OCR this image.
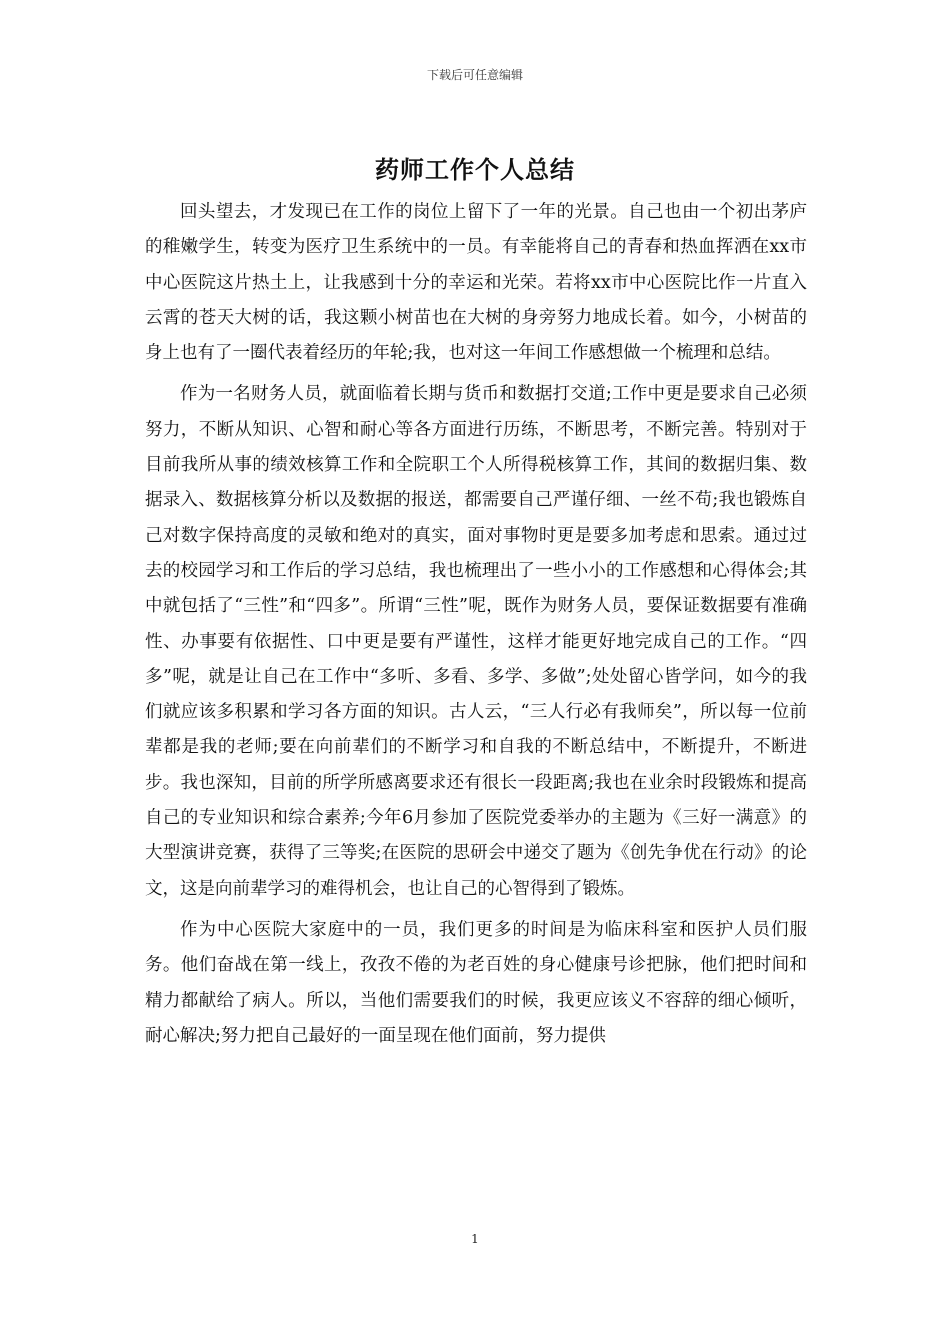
下载后可任意编辑
药师工作个人总结

回头望去，才发现已在工作的岗位上留下了一年的光景。自己也由一个初出茅庐的稚嫩学生，转变为医疗卫生系统中的一员。有幸能将自己的青春和热血挥洒在xx市中心医院这片热土上，让我感到十分的幸运和光荣。若将xx市中心医院比作一片直入云霄的苍天大树的话，我这颗小树苗也在大树的身旁努力地成长着。如今，小树苗的身上也有了一圈代表着经历的年轮;我，也对这一年间工作感想做一个梳理和总结。

作为一名财务人员，就面临着长期与货币和数据打交道;工作中更是要求自己必须努力，不断从知识、心智和耐心等各方面进行历练，不断思考，不断完善。特别对于目前我所从事的绩效核算工作和全院职工个人所得税核算工作，其间的数据归集、数据录入、数据核算分析以及数据的报送，都需要自己严谨仔细、一丝不苟;我也锻炼自己对数字保持高度的灵敏和绝对的真实，面对事物时更是要多加考虑和思索。通过过去的校园学习和工作后的学习总结，我也梳理出了一些小小的工作感想和心得体会;其中就包括了“三性”和“四多”。所谓“三性”呢，既作为财务人员，要保证数据要有准确性、办事要有依据性、口中更是要有严谨性，这样才能更好地完成自己的工作。“四多”呢，就是让自己在工作中“多听、多看、多学、多做”;处处留心皆学问，如今的我们就应该多积累和学习各方面的知识。古人云，“三人行必有我师矣”，所以每一位前辈都是我的老师;要在向前辈们的不断学习和自我的不断总结中，不断提升，不断进步。我也深知，目前的所学所感离要求还有很长一段距离;我也在业余时段锻炼和提高自己的专业知识和综合素养;今年6月参加了医院党委举办的主题为《三好一满意》的大型演讲竞赛，获得了三等奖;在医院的思研会中递交了题为《创先争优在行动》的论文，这是向前辈学习的难得机会，也让自己的心智得到了锻炼。

作为中心医院大家庭中的一员，我们更多的时间是为临床科室和医护人员们服务。他们奋战在第一线上，孜孜不倦的为老百姓的身心健康号诊把脉，他们把时间和精力都献给了病人。所以，当他们需要我们的时候，我更应该义不容辞的细心倾听，耐心解决;努力把自己最好的一面呈现在他们面前，努力提供

1
